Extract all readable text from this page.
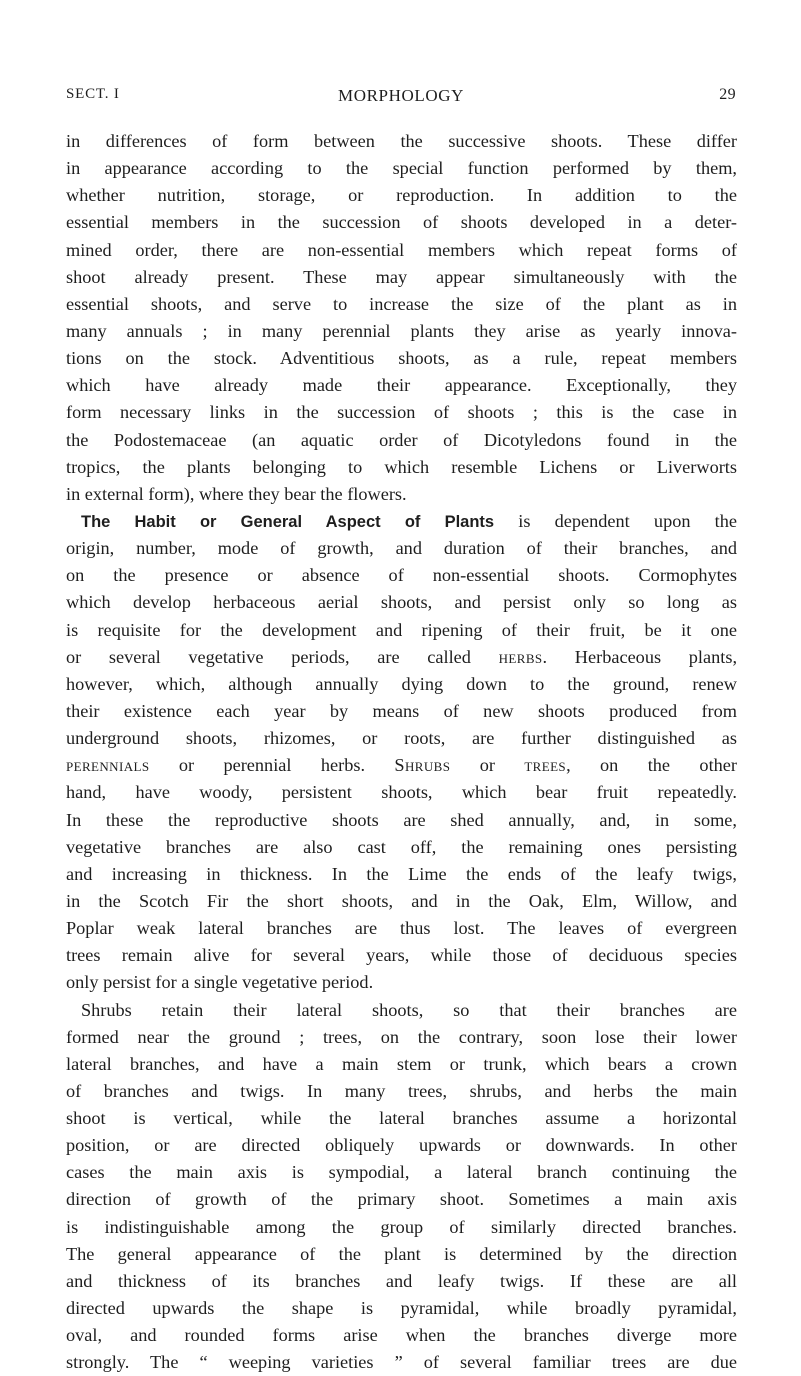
SECT. I	MORPHOLOGY	29
in differences of form between the successive shoots. These differ
in appearance according to the special function performed by them,
whether nutrition, storage, or reproduction. In addition to the
essential members in the succession of shoots developed in a deter-
mined order, there are non-essential members which repeat forms of
shoot already present. These may appear simultaneously with the
essential shoots, and serve to increase the size of the plant as in
many annuals ; in many perennial plants they arise as yearly innova-
tions on the stock. Adventitious shoots, as a rule, repeat members
which have already made their appearance. Exceptionally, they
form necessary links in the succession of shoots ; this is the case in
the Podostemaceae (an aquatic order of Dicotyledons found in the
tropics, the plants belonging to which resemble Lichens or Liverworts
in external form), where they bear the flowers.
The Habit or General Aspect of Plants is dependent upon the
origin, number, mode of growth, and duration of their branches, and
on the presence or absence of non-essential shoots. Cormophytes
which develop herbaceous aerial shoots, and persist only so long as
is requisite for the development and ripening of their fruit, be it one
or several vegetative periods, are called herbs. Herbaceous plants,
however, which, although annually dying down to the ground, renew
their existence each year by means of new shoots produced from
underground shoots, rhizomes, or roots, are further distinguished as
perennials or perennial herbs. Shrubs or trees, on the other
hand, have woody, persistent shoots, which bear fruit repeatedly.
In these the reproductive shoots are shed annually, and, in some,
vegetative branches are also cast off, the remaining ones persisting
and increasing in thickness. In the Lime the ends of the leafy twigs,
in the Scotch Fir the short shoots, and in the Oak, Elm, Willow, and
Poplar weak lateral branches are thus lost. The leaves of evergreen
trees remain alive for several years, while those of deciduous species
only persist for a single vegetative period.
Shrubs retain their lateral shoots, so that their branches are
formed near the ground ; trees, on the contrary, soon lose their lower
lateral branches, and have a main stem or trunk, which bears a crown
of branches and twigs. In many trees, shrubs, and herbs the main
shoot is vertical, while the lateral branches assume a horizontal
position, or are directed obliquely upwards or downwards. In other
cases the main axis is sympodial, a lateral branch continuing the
direction of growth of the primary shoot. Sometimes a main axis
is indistinguishable among the group of similarly directed branches.
The general appearance of the plant is determined by the direction
and thickness of its branches and leafy twigs. If these are all
directed upwards the shape is pyramidal, while broadly pyramidal,
oval, and rounded forms arise when the branches diverge more
strongly. The “ weeping varieties ” of several familiar trees are due
